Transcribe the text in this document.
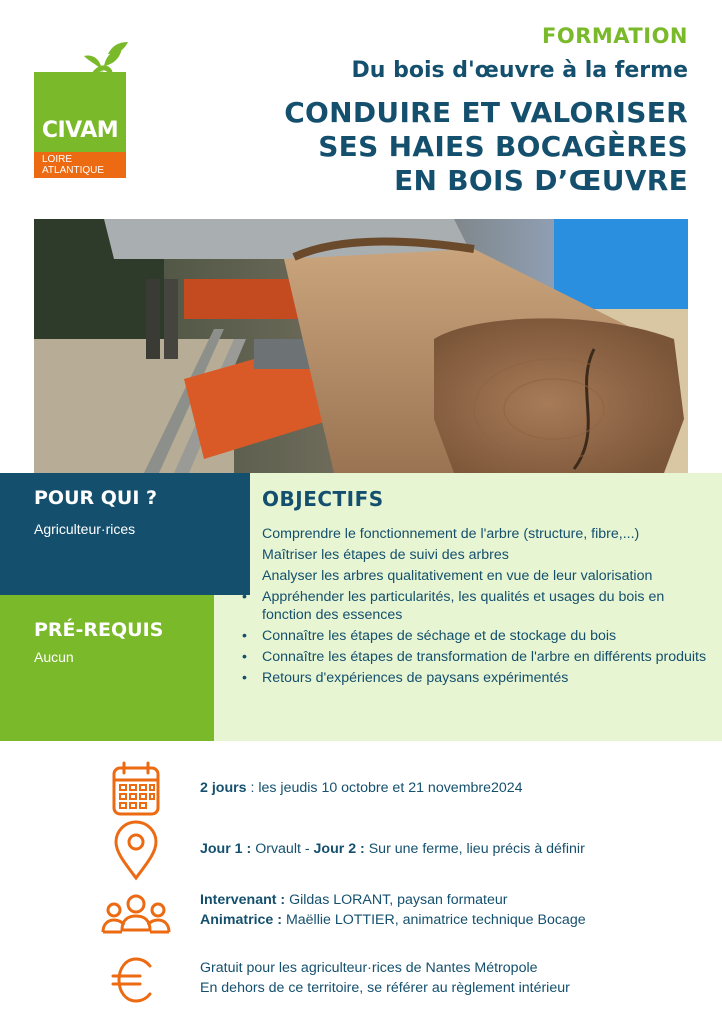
CIVAM
LOIRE
ATLANTIQUE
FORMATION
Du bois d'œuvre à la ferme
CONDUIRE ET VALORISER
SES HAIES BOCAGÈRES
EN BOIS D’ŒUVRE
POUR QUI ?
Agriculteur·rices
PRÉ-REQUIS
Aucun
OBJECTIFS
• Comprendre le fonctionnement de l'arbre (structure, fibre,...)
• Maîtriser les étapes de suivi des arbres
• Analyser les arbres qualitativement en vue de leur valorisation
• Appréhender les particularités, les qualités et usages du bois en fonction des essences
• Connaître les étapes de séchage et de stockage du bois
• Connaître les étapes de transformation de l'arbre en différents produits
• Retours d'expériences de paysans expérimentés
2 jours : les jeudis 10 octobre et 21 novembre2024
Jour 1 : Orvault - Jour 2 : Sur une ferme, lieu précis à définir
Intervenant : Gildas LORANT, paysan formateur
Animatrice : Maëllie LOTTIER, animatrice technique Bocage
Gratuit pour les agriculteur·rices de Nantes Métropole
En dehors de ce territoire, se référer au règlement intérieur
